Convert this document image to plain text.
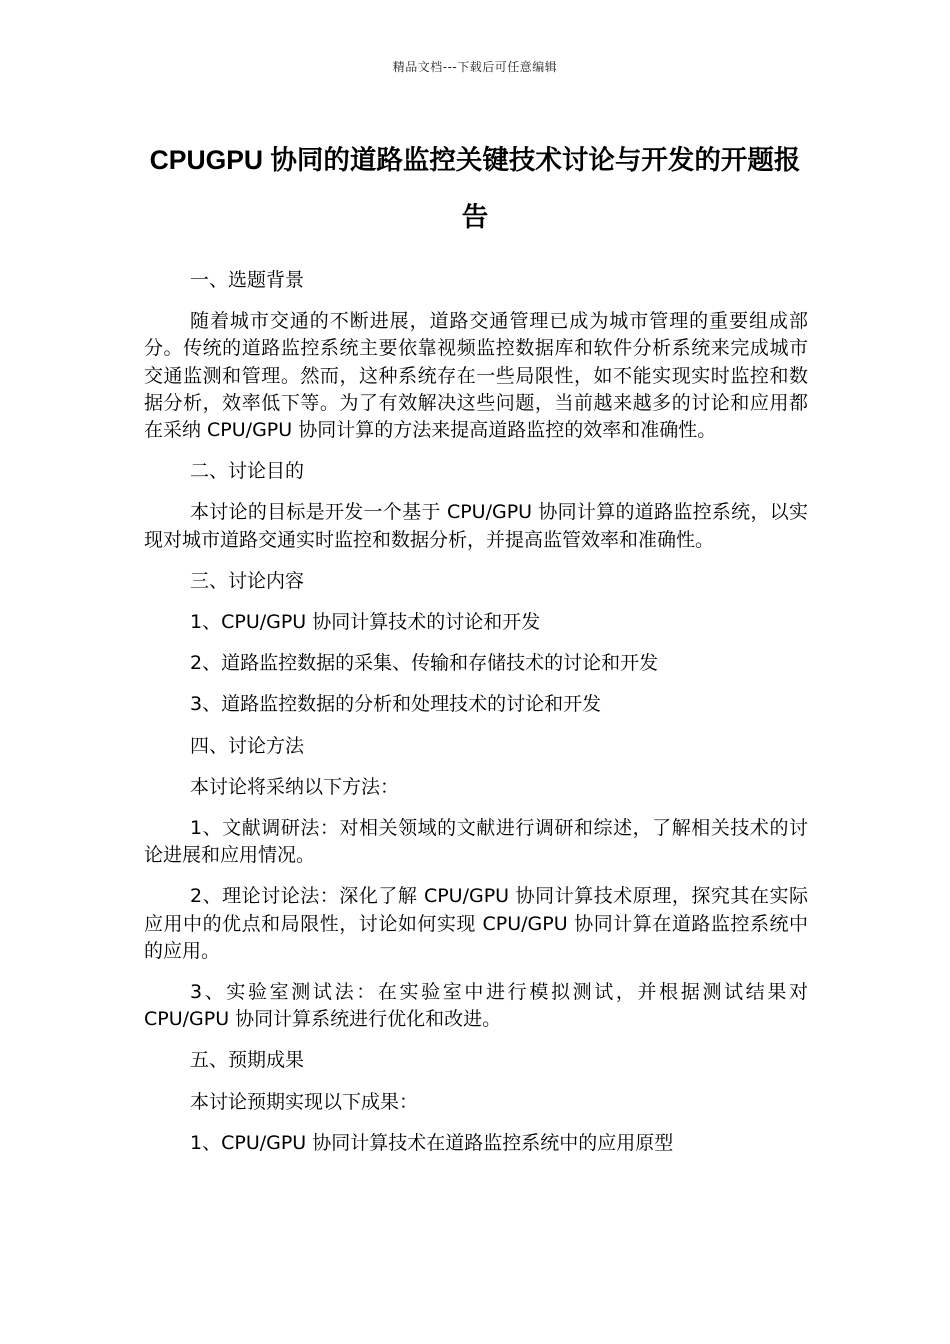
精品文档---下载后可任意编辑
CPUGPU 协同的道路监控关键技术讨论与开发的开题报告
一、选题背景
随着城市交通的不断进展，道路交通管理已成为城市管理的重要组成部分。传统的道路监控系统主要依靠视频监控数据库和软件分析系统来完成城市交通监测和管理。然而，这种系统存在一些局限性，如不能实现实时监控和数据分析，效率低下等。为了有效解决这些问题，当前越来越多的讨论和应用都在采纳 CPU/GPU 协同计算的方法来提高道路监控的效率和准确性。
二、讨论目的
本讨论的目标是开发一个基于 CPU/GPU 协同计算的道路监控系统，以实现对城市道路交通实时监控和数据分析，并提高监管效率和准确性。
三、讨论内容
1、CPU/GPU 协同计算技术的讨论和开发
2、道路监控数据的采集、传输和存储技术的讨论和开发
3、道路监控数据的分析和处理技术的讨论和开发
四、讨论方法
本讨论将采纳以下方法：
1、文献调研法：对相关领域的文献进行调研和综述，了解相关技术的讨论进展和应用情况。
2、理论讨论法：深化了解 CPU/GPU 协同计算技术原理，探究其在实际应用中的优点和局限性，讨论如何实现 CPU/GPU 协同计算在道路监控系统中的应用。
3、实验室测试法：在实验室中进行模拟测试，并根据测试结果对 CPU/GPU 协同计算系统进行优化和改进。
五、预期成果
本讨论预期实现以下成果：
1、CPU/GPU 协同计算技术在道路监控系统中的应用原型
